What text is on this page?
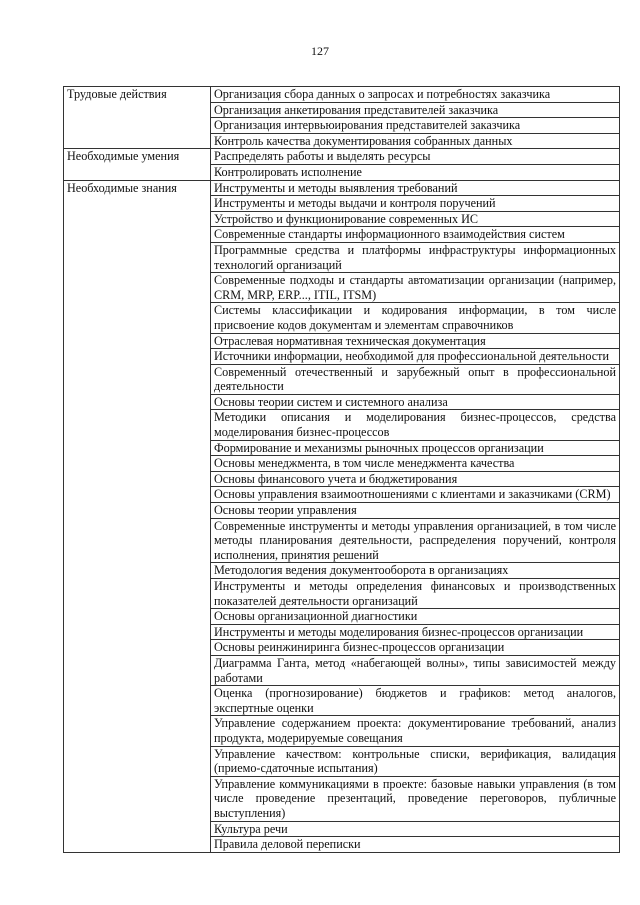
127
Трудовые действия	Организация сбора данных о запросах и потребностях заказчика
	Организация анкетирования представителей заказчика
	Организация интервьюирования представителей заказчика
	Контроль качества документирования собранных данных
Необходимые умения	Распределять работы и выделять ресурсы
	Контролировать исполнение
Необходимые знания	Инструменты и методы выявления требований
	Инструменты и методы выдачи и контроля поручений
	Устройство и функционирование современных ИС
	Современные стандарты информационного взаимодействия систем
	Программные средства и платформы инфраструктуры информационных технологий организаций
	Современные подходы и стандарты автоматизации организации (например, CRM, MRP, ERP..., ITIL, ITSM)
	Системы классификации и кодирования информации, в том числе присвоение кодов документам и элементам справочников
	Отраслевая нормативная техническая документация
	Источники информации, необходимой для профессиональной деятельности
	Современный отечественный и зарубежный опыт в профессиональной деятельности
	Основы теории систем и системного анализа
	Методики описания и моделирования бизнес-процессов, средства моделирования бизнес-процессов
	Формирование и механизмы рыночных процессов организации
	Основы менеджмента, в том числе менеджмента качества
	Основы финансового учета и бюджетирования
	Основы управления взаимоотношениями с клиентами и заказчиками (CRM)
	Основы теории управления
	Современные инструменты и методы управления организацией, в том числе методы планирования деятельности, распределения поручений, контроля исполнения, принятия решений
	Методология ведения документооборота в организациях
	Инструменты и методы определения финансовых и производственных показателей деятельности организаций
	Основы организационной диагностики
	Инструменты и методы моделирования бизнес-процессов организации
	Основы реинжиниринга бизнес-процессов организации
	Диаграмма Ганта, метод «набегающей волны», типы зависимостей между работами
	Оценка (прогнозирование) бюджетов и графиков: метод аналогов, экспертные оценки
	Управление содержанием проекта: документирование требований, анализ продукта, модерируемые совещания
	Управление качеством: контрольные списки, верификация, валидация (приемо-сдаточные испытания)
	Управление коммуникациями в проекте: базовые навыки управления (в том числе проведение презентаций, проведение переговоров, публичные выступления)
	Культура речи
	Правила деловой переписки
